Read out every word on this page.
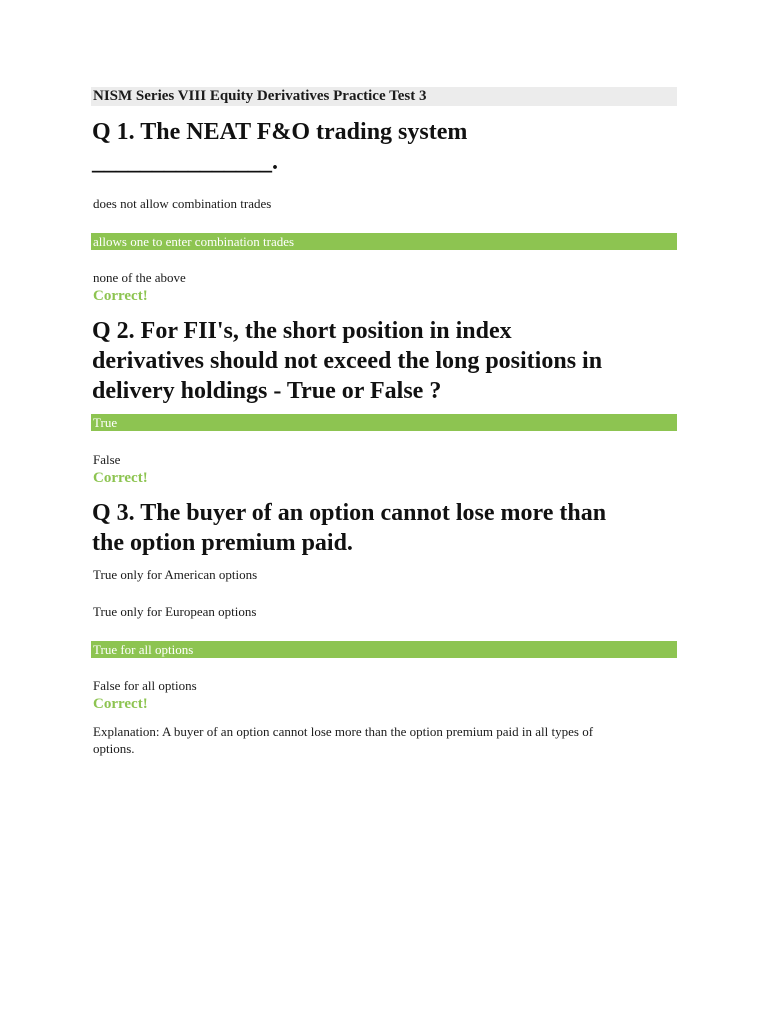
NISM Series VIII Equity Derivatives Practice Test 3
Q 1. The NEAT F&O trading system
_______________.
does not allow combination trades
allows one to enter combination trades
none of the above
Correct!
Q 2. For FII's, the short position in index
derivatives should not exceed the long positions in
delivery holdings - True or False ?
True
False
Correct!
Q 3. The buyer of an option cannot lose more than
the option premium paid.
True only for American options
True only for European options
True for all options
False for all options
Correct!
Explanation: A buyer of an option cannot lose more than the option premium paid in all types of
options.
